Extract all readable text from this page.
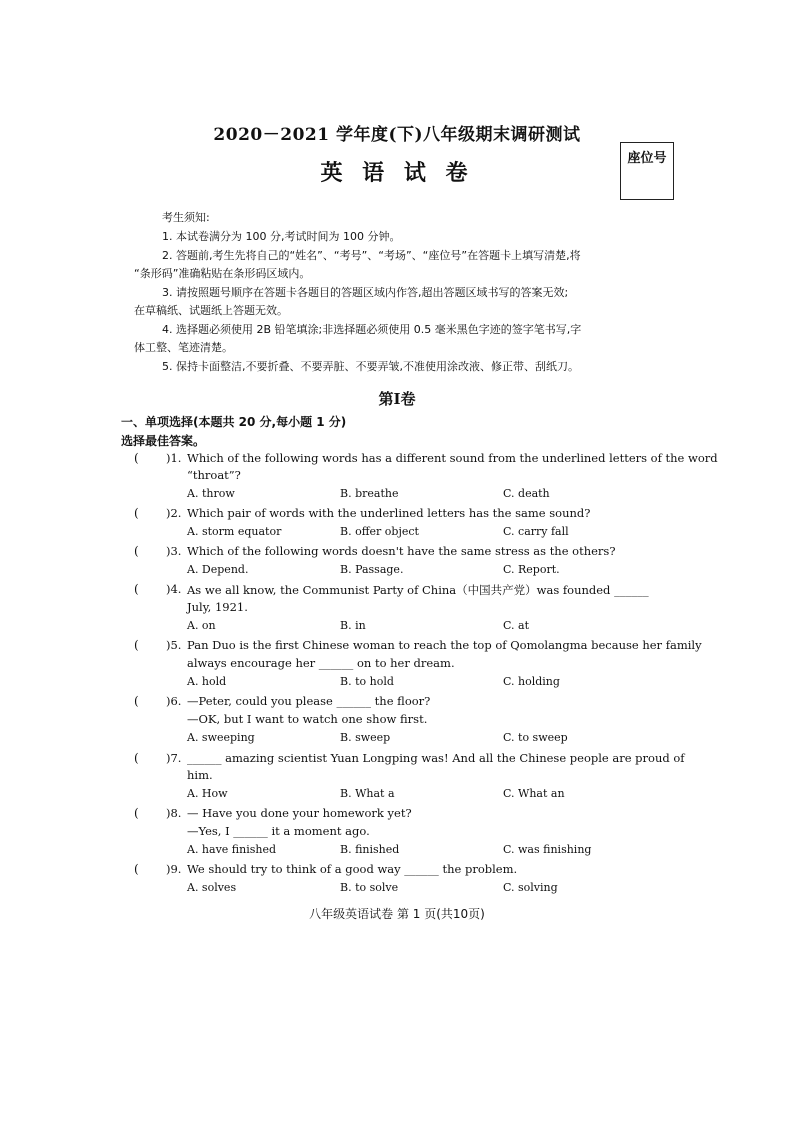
2020－2021 学年度(下)八年级期末调研测试
英 语 试 卷
座位号
考生须知:
1. 本试卷满分为 100 分,考试时间为 100 分钟。
2. 答题前,考生先将自己的“姓名”、“考号”、“考场”、“座位号”在答题卡上填写清楚,将
“条形码”准确粘贴在条形码区域内。
3. 请按照题号顺序在答题卡各题目的答题区域内作答,超出答题区域书写的答案无效;
在草稿纸、试题纸上答题无效。
4. 选择题必须使用 2B 铅笔填涂;非选择题必须使用 0.5 毫米黑色字迹的签字笔书写,字
体工整、笔迹清楚。
5. 保持卡面整洁,不要折叠、不要弄脏、不要弄皱,不准使用涂改液、修正带、刮纸刀。
第Ⅰ卷
一、单项选择(本题共 20 分,每小题 1 分)
选择最佳答案。
( )1. Which of the following words has a different sound from the underlined letters of the word
“throat”?
A. throw	B. breathe	C. death
( )2. Which pair of words with the underlined letters has the same sound?
A. storm equator	B. offer object	C. carry fall
( )3. Which of the following words doesn't have the same stress as the others?
A. Depend.	B. Passage.	C. Report.
( )4. As we all know, the Communist Party of China（中国共产党）was founded ______
July, 1921.
A. on	B. in	C. at
( )5. Pan Duo is the first Chinese woman to reach the top of Qomolangma because her family
always encourage her ______ on to her dream.
A. hold	B. to hold	C. holding
( )6. —Peter, could you please ______ the floor?
—OK, but I want to watch one show first.
A. sweeping	B. sweep	C. to sweep
( )7. ______ amazing scientist Yuan Longping was! And all the Chinese people are proud of
him.
A. How	B. What a	C. What an
( )8. — Have you done your homework yet?
—Yes, I ______ it a moment ago.
A. have finished	B. finished	C. was finishing
( )9. We should try to think of a good way ______ the problem.
A. solves	B. to solve	C. solving
八年级英语试卷 第 1 页(共10页)
